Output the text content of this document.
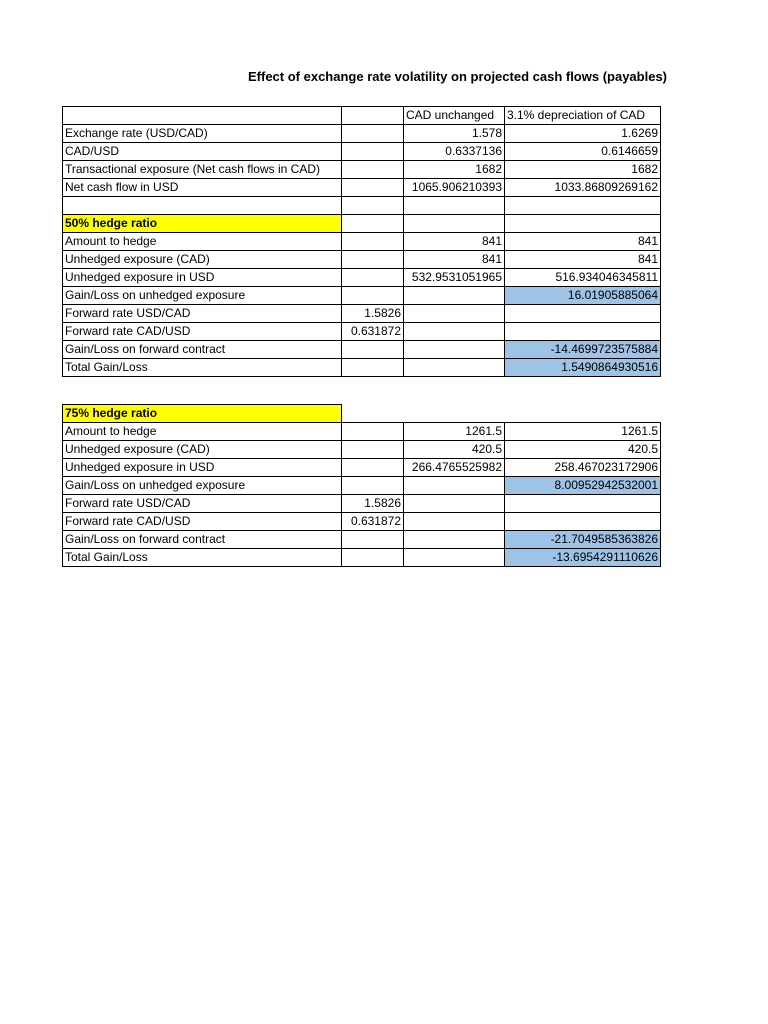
Effect of exchange rate volatility on projected cash flows (payables)
		CAD unchanged	3.1% depreciation of CAD
Exchange rate (USD/CAD)		1.578	1.6269
CAD/USD		0.6337136	0.6146659
Transactional exposure (Net cash flows in CAD)		1682	1682
Net cash flow in USD		1065.906210393	1033.86809269162

50% hedge ratio			
Amount to hedge		841	841
Unhedged exposure (CAD)		841	841
Unhedged exposure in USD		532.9531051965	516.934046345811
Gain/Loss on unhedged exposure			16.01905885064
Forward rate USD/CAD	1.5826		
Forward rate CAD/USD	0.631872		
Gain/Loss on forward contract			-14.4699723575884
Total Gain/Loss			1.5490864930516
75% hedge ratio			
Amount to hedge		1261.5	1261.5
Unhedged exposure (CAD)		420.5	420.5
Unhedged exposure in USD		266.4765525982	258.467023172906
Gain/Loss on unhedged exposure			8.00952942532001
Forward rate USD/CAD	1.5826		
Forward rate CAD/USD	0.631872		
Gain/Loss on forward contract			-21.7049585363826
Total Gain/Loss			-13.6954291110626
